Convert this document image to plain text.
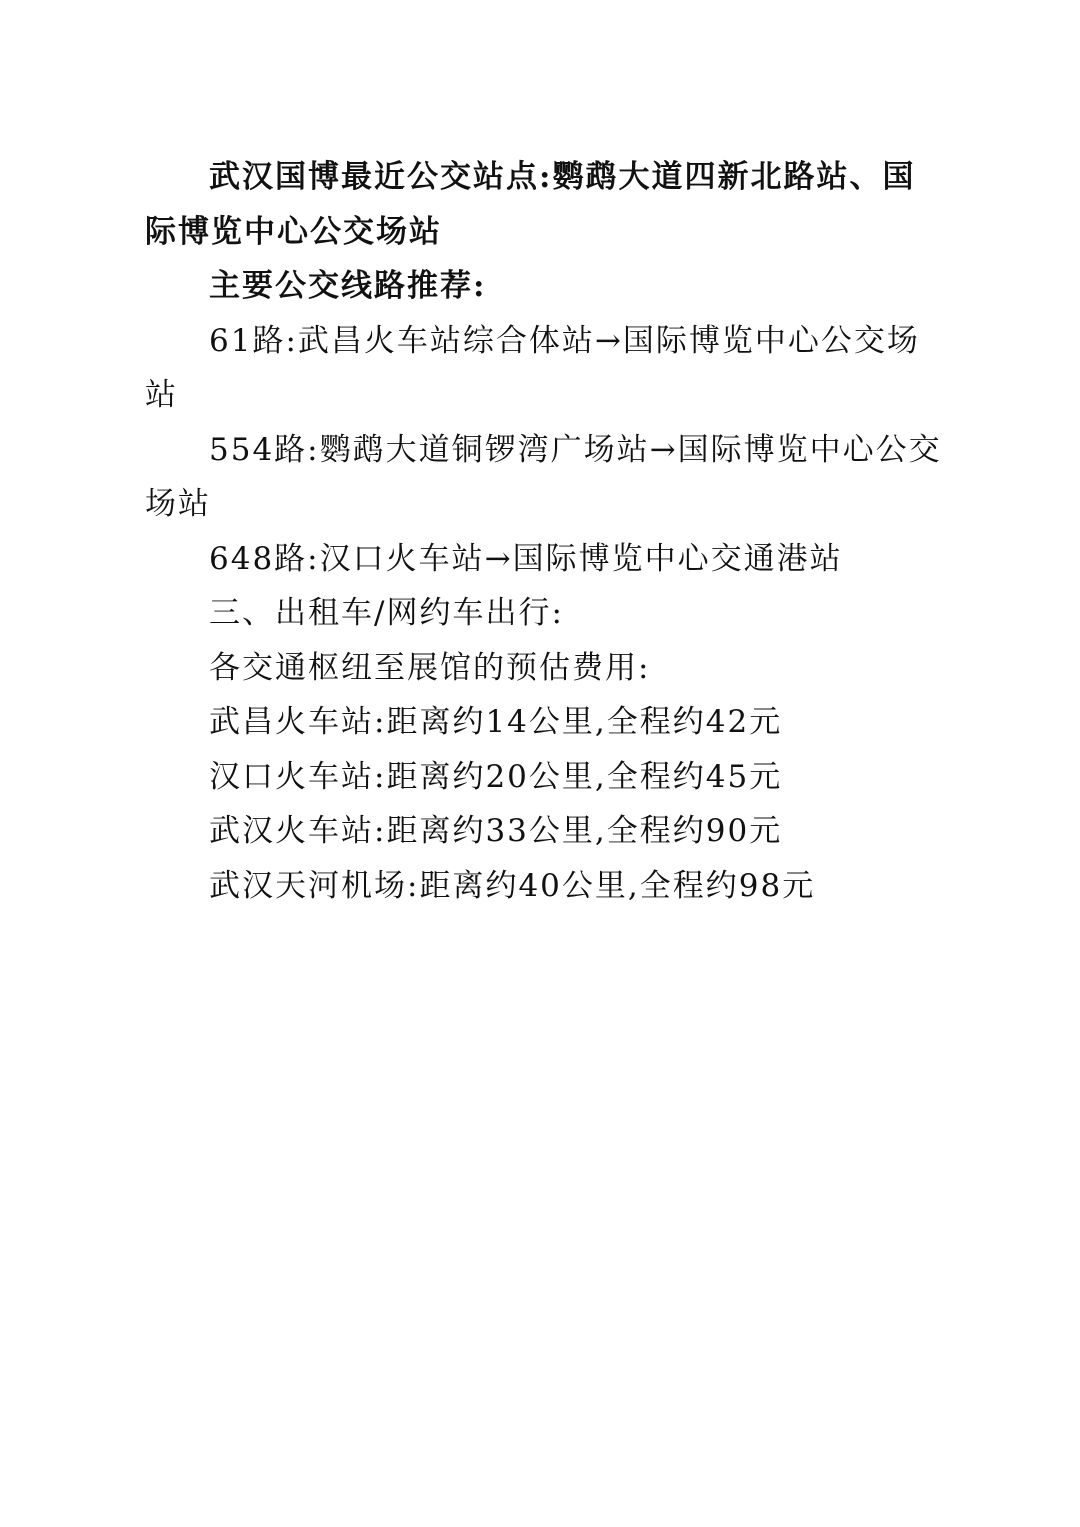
武汉国博最近公交站点:鹦鹉大道四新北路站、国际博览中心公交场站

主要公交线路推荐:

61路:武昌火车站综合体站→国际博览中心公交场站

554路:鹦鹉大道铜锣湾广场站→国际博览中心公交场站

648路:汉口火车站→国际博览中心交通港站

三、出租车/网约车出行:

各交通枢纽至展馆的预估费用:

武昌火车站:距离约14公里,全程约42元

汉口火车站:距离约20公里,全程约45元

武汉火车站:距离约33公里,全程约90元

武汉天河机场:距离约40公里,全程约98元
